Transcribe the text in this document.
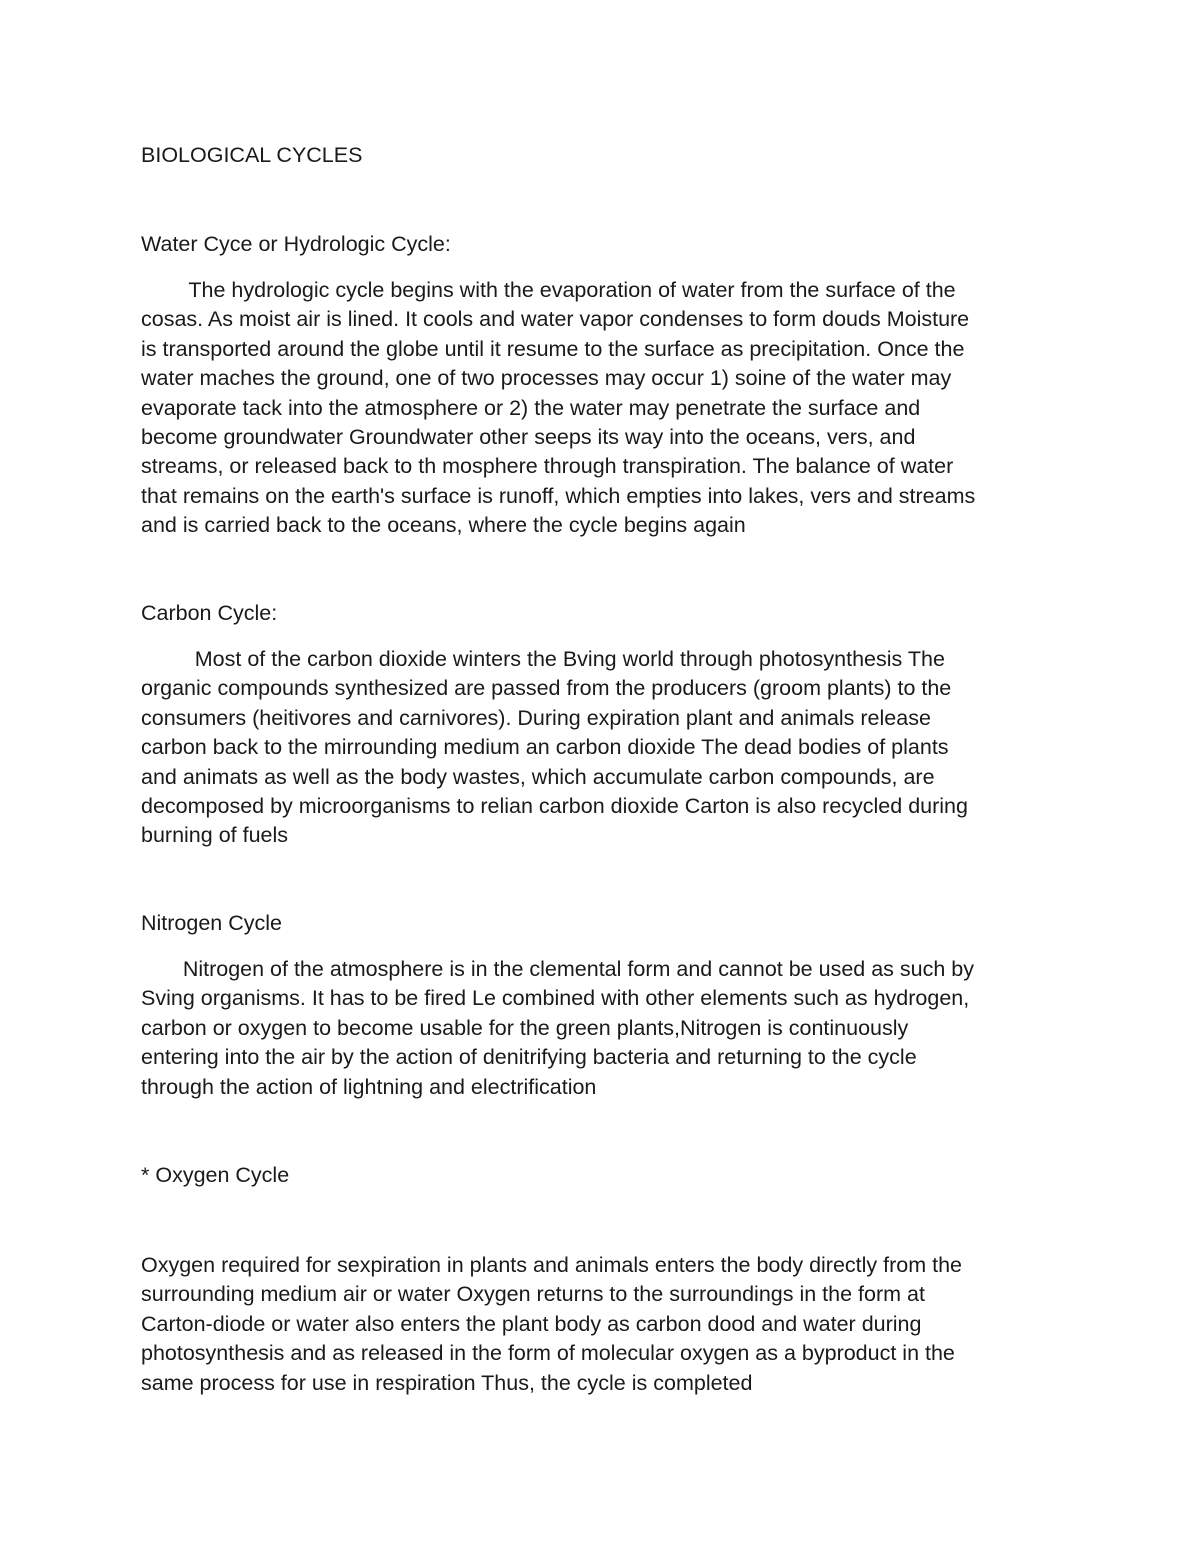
BIOLOGICAL CYCLES
Water Cyce or Hydrologic Cycle:
The hydrologic cycle begins with the evaporation of water from the surface of the
cosas. As moist air is lined. It cools and water vapor condenses to form douds Moisture
is transported around the globe until it resume to the surface as precipitation. Once the
water maches the ground, one of two processes may occur 1) soine of the water may
evaporate tack into the atmosphere or 2) the water may penetrate the surface and
become groundwater Groundwater other seeps its way into the oceans, vers, and
streams, or released back to th mosphere through transpiration. The balance of water
that remains on the earth's surface is runoff, which empties into lakes, vers and streams
and is carried back to the oceans, where the cycle begins again
Carbon Cycle:
Most of the carbon dioxide winters the Bving world through photosynthesis The
organic compounds synthesized are passed from the producers (groom plants) to the
consumers (heitivores and carnivores). During expiration plant and animals release
carbon back to the mirrounding medium an carbon dioxide The dead bodies of plants
and animats as well as the body wastes, which accumulate carbon compounds, are
decomposed by microorganisms to relian carbon dioxide Carton is also recycled during
burning of fuels
Nitrogen Cycle
Nitrogen of the atmosphere is in the clemental form and cannot be used as such by
Sving organisms. It has to be fired Le combined with other elements such as hydrogen,
carbon or oxygen to become usable for the green plants,Nitrogen is continuously
entering into the air by the action of denitrifying bacteria and returning to the cycle
through the action of lightning and electrification
* Oxygen Cycle
Oxygen required for sexpiration in plants and animals enters the body directly from the
surrounding medium air or water Oxygen returns to the surroundings in the form at
Carton-diode or water also enters the plant body as carbon dood and water during
photosynthesis and as released in the form of molecular oxygen as a byproduct in the
same process for use in respiration Thus, the cycle is completed
